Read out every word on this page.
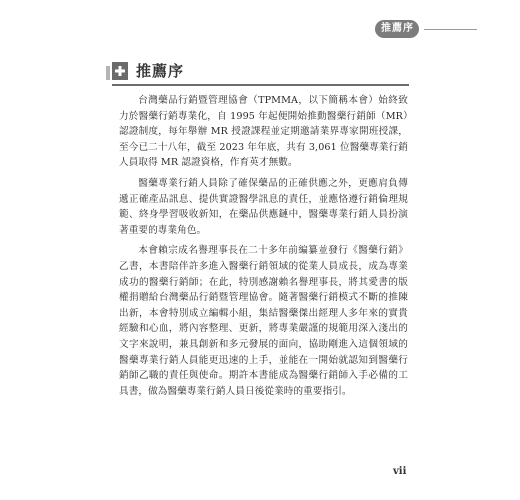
推 薦 序
推薦序

台灣藥品行銷暨管理協會（TPMMA，以下簡稱本會）始終致力於醫藥行銷專業化，自 1995 年起便開始推動醫藥行銷師（MR）認證制度，每年舉辦 MR 授證課程並定期邀請業界專家開班授課，至今已二十八年，截至 2023 年年底，共有 3,061 位醫藥專業行銷人員取得 MR 認證資格，作育英才無數。

醫藥專業行銷人員除了確保藥品的正確供應之外，更應肩負傳遞正確產品訊息、提供實證醫學訊息的責任，並應恪遵行銷倫理規範、終身學習吸收新知，在藥品供應鏈中，醫藥專業行銷人員扮演著重要的專業角色。

本會賴宗成名譽理事長在二十多年前編纂並發行《醫藥行銷》乙書，本書陪伴許多進入醫藥行銷領域的從業人員成長，成為專業成功的醫藥行銷師；在此，特別感謝賴名譽理事長，將其愛書的版權捐贈給台灣藥品行銷暨管理協會。隨著醫藥行銷模式不斷的推陳出新，本會特別成立編輯小組，集結醫藥傑出經理人多年來的實貴經驗和心血，將內容整理、更新，將專業嚴謹的規範用深入淺出的文字來說明，兼具創新和多元發展的面向，協助剛進入這個領域的醫藥專業行銷人員能更迅速的上手，並能在一開始就認知到醫藥行銷師乙職的責任與使命。期許本書能成為醫藥行銷師入手必備的工具書，做為醫藥專業行銷人員日後從業時的重要指引。

vii
